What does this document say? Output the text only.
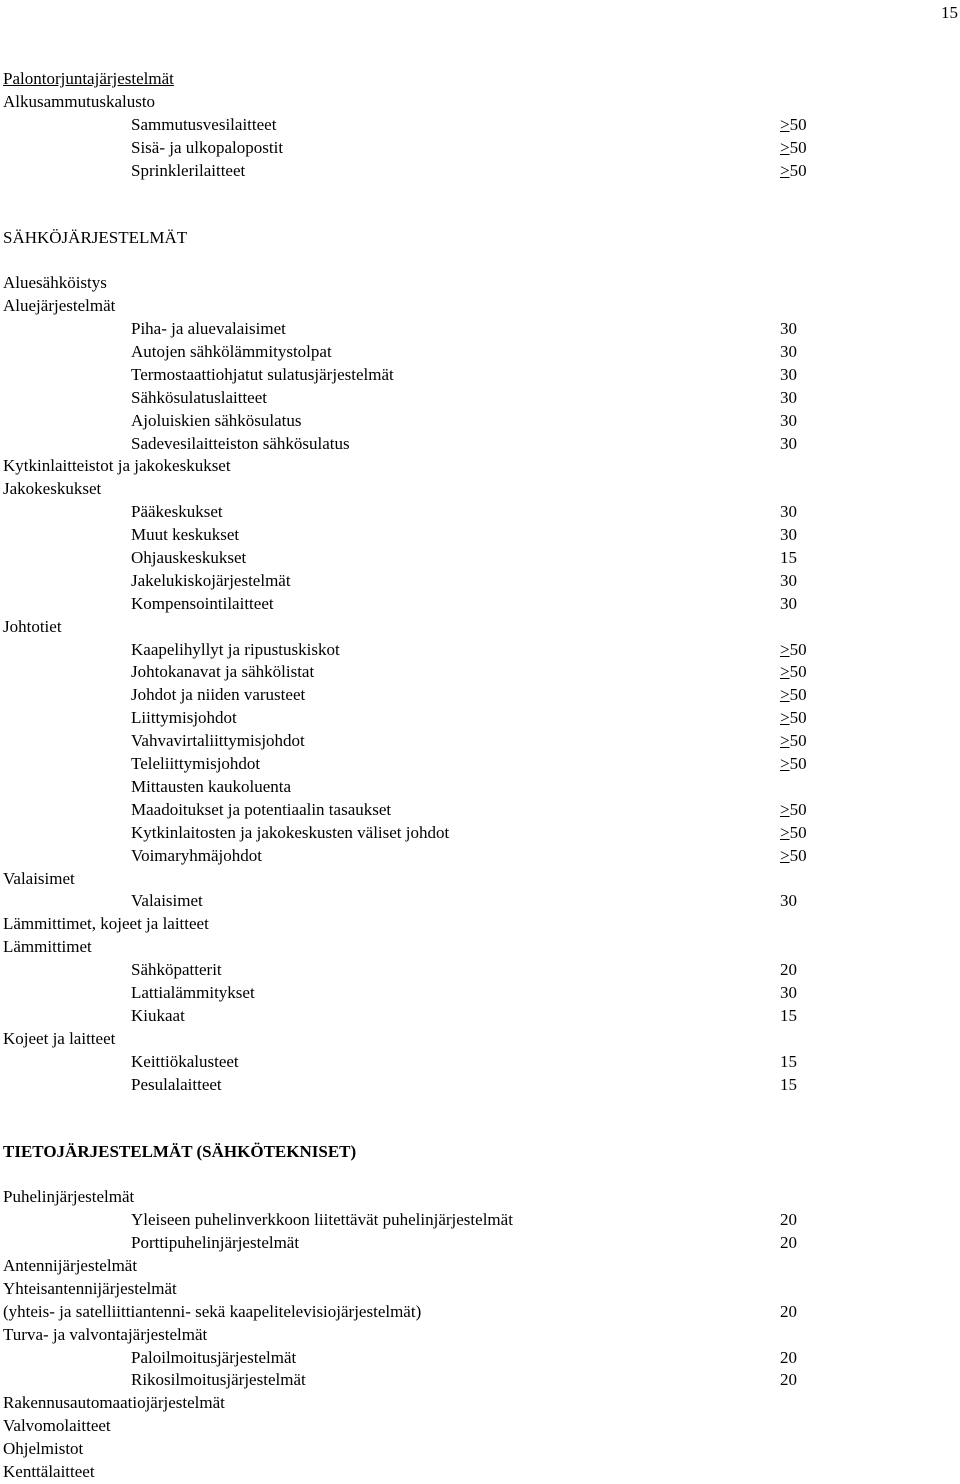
15
Palontorjuntajärjestelmät
Alkusammutuskalusto
Sammutusvesilaitteet	>50
Sisä- ja ulkopalopostit	>50
Sprinklerilaitteet	>50
SÄHKÖJÄRJESTELMÄT
Aluesähköistys
Aluejärjestelmät
Piha- ja aluevalaisimet	30
Autojen sähkölämmitystolpat	30
Termostaattiohjatut sulatusjärjestelmät	30
Sähkösulatuslaitteet	30
Ajoluiskien sähkösulatus	30
Sadevesilaitteiston sähkösulatus	30
Kytkinlaitteistot ja jakokeskukset
Jakokeskukset
Pääkeskukset	30
Muut keskukset	30
Ohjauskeskukset	15
Jakelukiskojärjestelmät	30
Kompensointilaitteet	30
Johtotiet
Kaapelihyllyt ja ripustuskiskot	>50
Johtokanavat ja sähkölistat	>50
Johdot ja niiden varusteet	>50
Liittymisjohdot	>50
Vahvavirtaliittymisjohdot	>50
Teleliittymisjohdot	>50
Mittausten kaukoluenta
Maadoitukset ja potentiaalin tasaukset	>50
Kytkinlaitosten ja jakokeskusten väliset johdot	>50
Voimaryhmäjohdot	>50
Valaisimet
Valaisimet	30
Lämmittimet, kojeet ja laitteet
Lämmittimet
Sähköpatterit	20
Lattialämmitykset	30
Kiukaat	15
Kojeet ja laitteet
Keittiökalusteet	15
Pesulalaitteet	15
TIETOJÄRJESTELMÄT (SÄHKÖTEKNISET)
Puhelinjärjestelmät
Yleiseen puhelinverkkoon liitettävät puhelinjärjestelmät	20
Porttipuhelinjärjestelmät	20
Antennijärjestelmät
Yhteisantennijärjestelmät
(yhteis- ja satelliittiantenni- sekä kaapelitelevisiojärjestelmät)	20
Turva- ja valvontajärjestelmät
Paloilmoitusjärjestelmät	20
Rikosilmoitusjärjestelmät	20
Rakennusautomaatiojärjestelmät
Valvomolaitteet
Ohjelmistot
Kenttälaitteet
